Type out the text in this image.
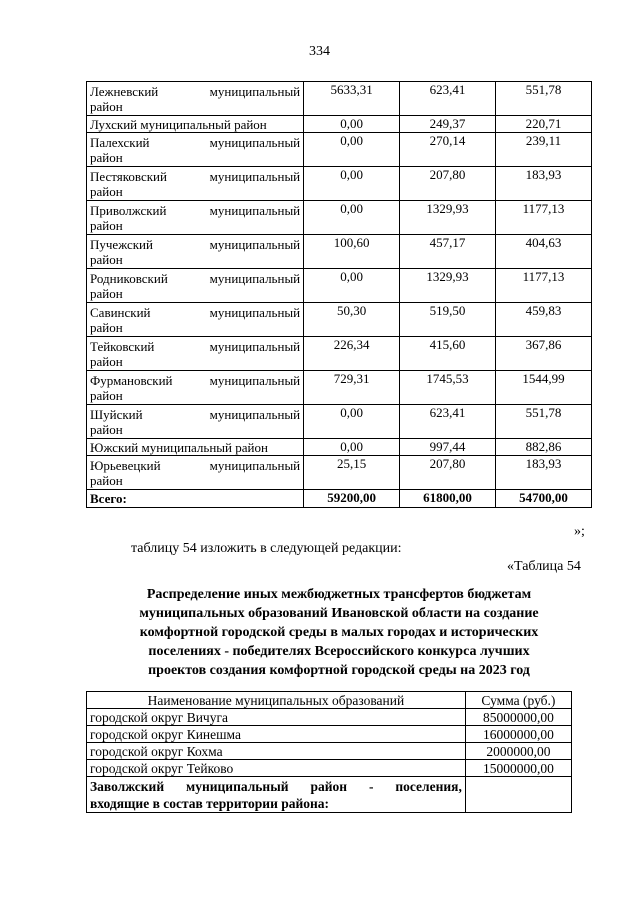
334
Лежневский муниципальный
район	5633,31	623,41	551,78
Лухский муниципальный район	0,00	249,37	220,71
Палехский муниципальный
район	0,00	270,14	239,11
Пестяковский муниципальный
район	0,00	207,80	183,93
Приволжский муниципальный
район	0,00	1329,93	1177,13
Пучежский муниципальный
район	100,60	457,17	404,63
Родниковский муниципальный
район	0,00	1329,93	1177,13
Савинский муниципальный
район	50,30	519,50	459,83
Тейковский муниципальный
район	226,34	415,60	367,86
Фурмановский муниципальный
район	729,31	1745,53	1544,99
Шуйский муниципальный
район	0,00	623,41	551,78
Южский муниципальный район	0,00	997,44	882,86
Юрьевецкий муниципальный
район	25,15	207,80	183,93
Всего:	59200,00	61800,00	54700,00
»;
таблицу 54 изложить в следующей редакции:
«Таблица 54
Распределение иных межбюджетных трансфертов бюджетам
муниципальных образований Ивановской области на создание
комфортной городской среды в малых городах и исторических
поселениях - победителях Всероссийского конкурса лучших
проектов создания комфортной городской среды на 2023 год
Наименование муниципальных образований	Сумма (руб.)
городской округ Вичуга	85000000,00
городской округ Кинешма	16000000,00
городской округ Кохма	2000000,00
городской округ Тейково	15000000,00
Заволжский муниципальный район - поселения,
входящие в состав территории района:	
